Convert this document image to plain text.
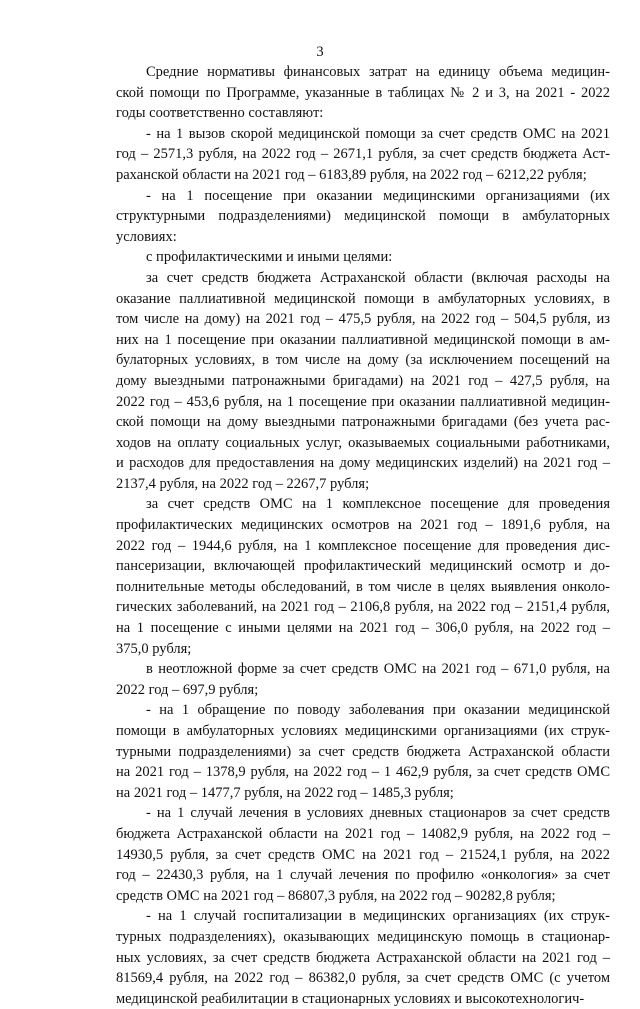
3
Средние нормативы финансовых затрат на единицу объема медицин-
ской помощи по Программе, указанные в таблицах № 2 и 3, на 2021 - 2022
годы соответственно составляют:
- на 1 вызов скорой медицинской помощи за счет средств ОМС на 2021
год – 2571,3 рубля, на 2022 год – 2671,1 рубля, за счет средств бюджета Аст-
раханской области на 2021 год – 6183,89 рубля, на 2022 год – 6212,22 рубля;
- на 1 посещение при оказании медицинскими организациями (их
структурными подразделениями) медицинской помощи в амбулаторных
условиях:
с профилактическими и иными целями:
за счет средств бюджета Астраханской области (включая расходы на
оказание паллиативной медицинской помощи в амбулаторных условиях, в
том числе на дому) на 2021 год – 475,5 рубля, на 2022 год – 504,5 рубля, из
них на 1 посещение при оказании паллиативной медицинской помощи в ам-
булаторных условиях, в том числе на дому (за исключением посещений на
дому выездными патронажными бригадами) на 2021 год – 427,5 рубля, на
2022 год – 453,6 рубля, на 1 посещение при оказании паллиативной медицин-
ской помощи на дому выездными патронажными бригадами (без учета рас-
ходов на оплату социальных услуг, оказываемых социальными работниками,
и расходов для предоставления на дому медицинских изделий) на 2021 год –
2137,4 рубля, на 2022 год – 2267,7 рубля;
за счет средств ОМС на 1 комплексное посещение для проведения
профилактических медицинских осмотров на 2021 год – 1891,6 рубля, на
2022 год – 1944,6 рубля, на 1 комплексное посещение для проведения дис-
пансеризации, включающей профилактический медицинский осмотр и до-
полнительные методы обследований, в том числе в целях выявления онколо-
гических заболеваний, на 2021 год – 2106,8 рубля, на 2022 год – 2151,4 рубля,
на 1 посещение с иными целями на 2021 год – 306,0 рубля, на 2022 год –
375,0 рубля;
в неотложной форме за счет средств ОМС на 2021 год – 671,0 рубля, на
2022 год – 697,9 рубля;
- на 1 обращение по поводу заболевания при оказании медицинской
помощи в амбулаторных условиях медицинскими организациями (их струк-
турными подразделениями) за счет средств бюджета Астраханской области
на 2021 год – 1378,9 рубля, на 2022 год – 1 462,9 рубля, за счет средств ОМС
на 2021 год – 1477,7 рубля, на 2022 год – 1485,3 рубля;
- на 1 случай лечения в условиях дневных стационаров за счет средств
бюджета Астраханской области на 2021 год – 14082,9 рубля, на 2022 год –
14930,5 рубля, за счет средств ОМС на 2021 год – 21524,1 рубля, на 2022
год – 22430,3 рубля, на 1 случай лечения по профилю «онкология» за счет
средств ОМС на 2021 год – 86807,3 рубля, на 2022 год – 90282,8 рубля;
- на 1 случай госпитализации в медицинских организациях (их струк-
турных подразделениях), оказывающих медицинскую помощь в стационар-
ных условиях, за счет средств бюджета Астраханской области на 2021 год –
81569,4 рубля, на 2022 год – 86382,0 рубля, за счет средств ОМС (с учетом
медицинской реабилитации в стационарных условиях и высокотехнологич-
